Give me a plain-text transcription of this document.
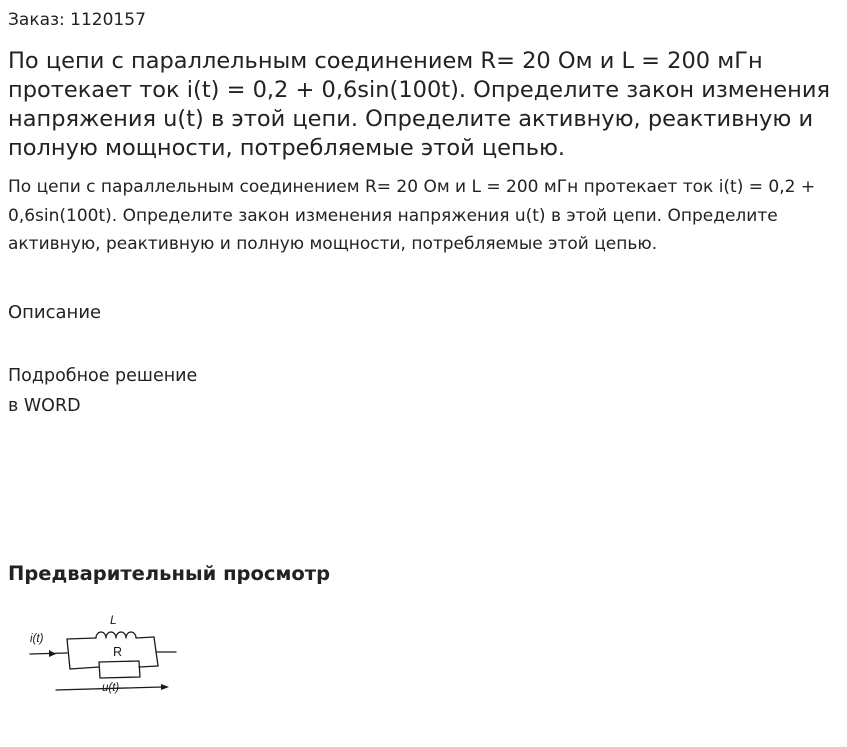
Заказ: 1120157
По цепи с параллельным соединением R= 20 Ом и L = 200 мГн протекает ток i(t) = 0,2 + 0,6sin(100t). Определите закон изменения напряжения u(t) в этой цепи. Определите активную, реактивную и полную мощности, потребляемые этой цепью.

По цепи с параллельным соединением R= 20 Ом и L = 200 мГн протекает ток i(t) = 0,2 + 0,6sin(100t). Определите закон изменения напряжения u(t) в этой цепи. Определите активную, реактивную и полную мощности, потребляемые этой цепью.

Описание
Подробное решение
в WORD
Предварительный просмотр
i(t)
L
R
u(t)
